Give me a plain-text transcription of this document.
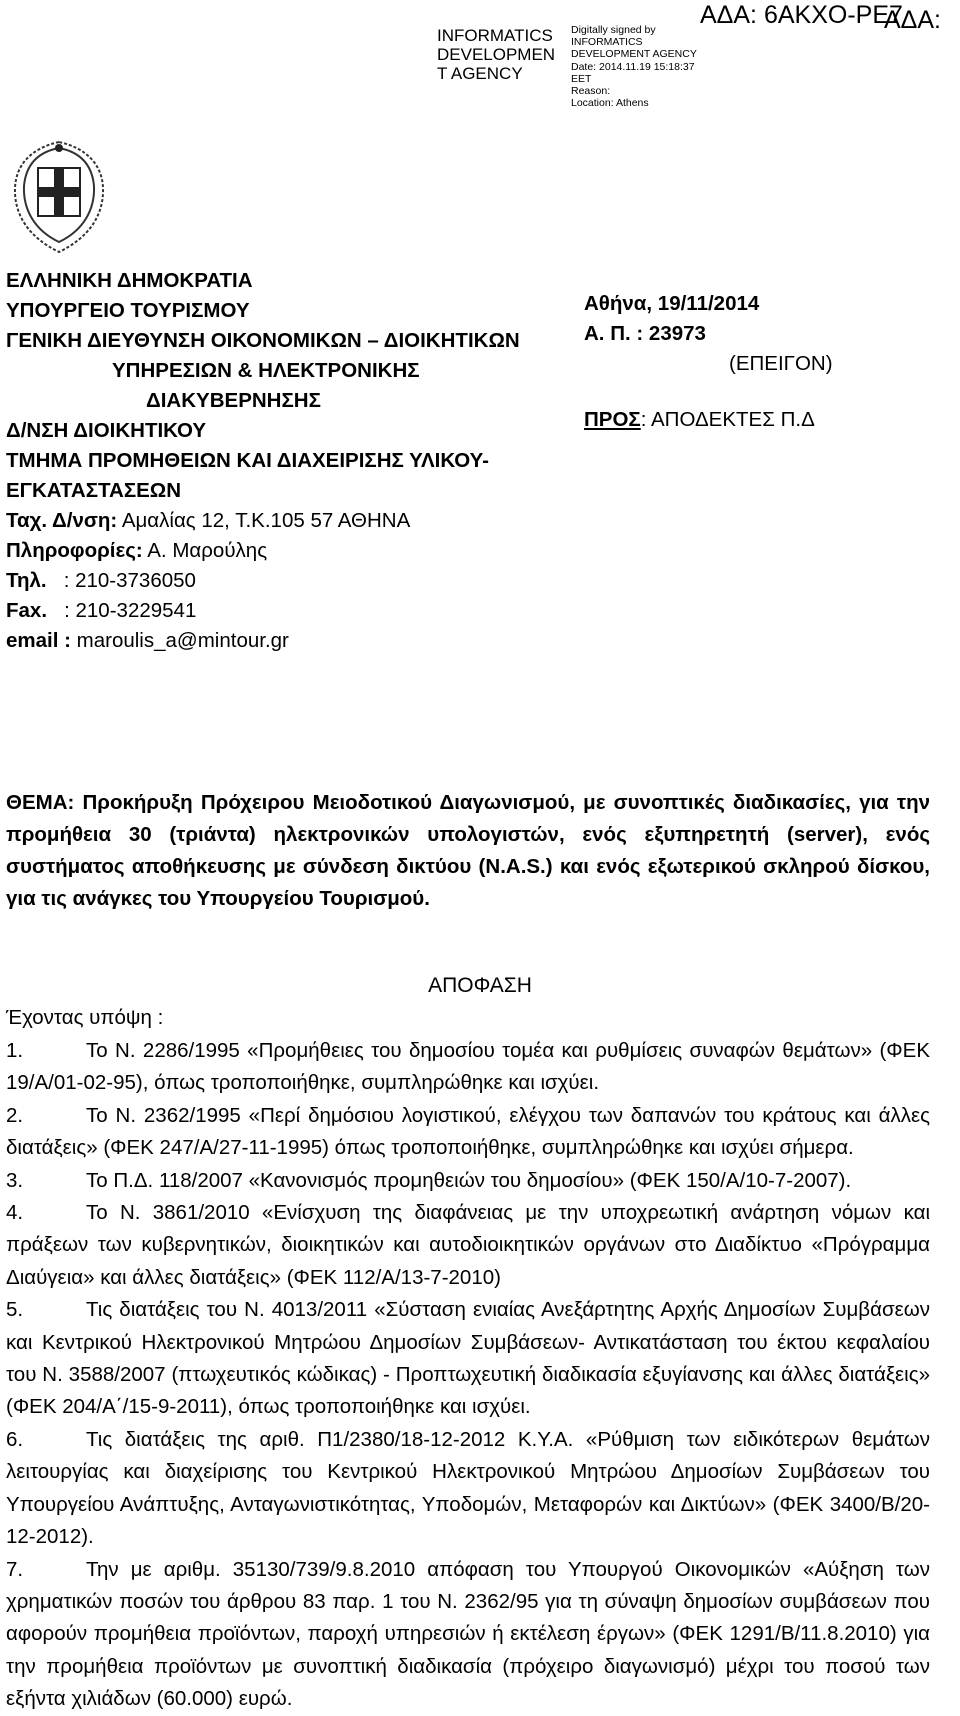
INFORMATICS DEVELOPMEN T AGENCY
Digitally signed by
INFORMATICS
DEVELOPMENT AGENCY
Date: 2014.11.19 15:18:37
EET
Reason:
Location: Athens
ΑΔΑ: 6ΑΚΧΟ-ΡΕ7
ΑΔΑ:
ΕΛΛΗΝΙΚΗ ΔΗΜΟΚΡΑΤΙΑ
ΥΠΟΥΡΓΕΙΟ ΤΟΥΡΙΣΜΟΥ
ΓΕΝΙΚΗ ΔΙΕΥΘΥΝΣΗ ΟΙΚΟΝΟΜΙΚΩΝ – ΔΙΟΙΚΗΤΙΚΩΝ
ΥΠΗΡΕΣΙΩΝ & ΗΛΕΚΤΡΟΝΙΚΗΣ
ΔΙΑΚΥΒΕΡΝΗΣΗΣ
Δ/ΝΣΗ ΔΙΟΙΚΗΤΙΚΟΥ
ΤΜΗΜΑ ΠΡΟΜΗΘΕΙΩΝ ΚΑΙ ΔΙΑΧΕΙΡΙΣΗΣ ΥΛΙΚΟΥ-
ΕΓΚΑΤΑΣΤΑΣΕΩΝ
Ταχ. Δ/νση: Αμαλίας 12, Τ.Κ.105 57 ΑΘΗΝΑ
Πληροφορίες: Α. Μαρούλης
Τηλ.   : 210-3736050
Fax.   : 210-3229541
email : maroulis_a@mintour.gr
Αθήνα, 19/11/2014
Α. Π. : 23973
(ΕΠΕΙΓΟΝ)
ΠΡΟΣ: ΑΠΟΔΕΚΤΕΣ Π.Δ
ΘΕΜΑ: Προκήρυξη Πρόχειρου Μειοδοτικού Διαγωνισμού, με συνοπτικές διαδικασίες, για την προμήθεια 30 (τριάντα) ηλεκτρονικών υπολογιστών, ενός εξυπηρετητή (server), ενός συστήματος αποθήκευσης με σύνδεση δικτύου (N.A.S.) και ενός εξωτερικού σκληρού δίσκου, για τις ανάγκες του Υπουργείου Τουρισμού.
ΑΠΟΦΑΣΗ
Έχοντας υπόψη :
1.	Το Ν. 2286/1995 «Προμήθειες του δημοσίου τομέα και ρυθμίσεις συναφών θεμάτων» (ΦΕΚ 19/Α/01-02-95), όπως τροποποιήθηκε, συμπληρώθηκε και ισχύει.
2.	Το Ν. 2362/1995 «Περί δημόσιου λογιστικού, ελέγχου των δαπανών του κράτους και άλλες διατάξεις» (ΦΕΚ 247/Α/27-11-1995) όπως τροποποιήθηκε, συμπληρώθηκε και ισχύει σήμερα.
3.	Το Π.Δ. 118/2007 «Κανονισμός προμηθειών του δημοσίου» (ΦΕΚ 150/Α/10-7-2007).
4.	Το Ν. 3861/2010 «Ενίσχυση της διαφάνειας με την υποχρεωτική ανάρτηση νόμων και πράξεων των κυβερνητικών, διοικητικών και αυτοδιοικητικών οργάνων στο Διαδίκτυο «Πρόγραμμα Διαύγεια» και άλλες διατάξεις» (ΦΕΚ 112/Α/13-7-2010)
5.	Τις διατάξεις του Ν. 4013/2011 «Σύσταση ενιαίας Ανεξάρτητης Αρχής Δημοσίων Συμβάσεων και Κεντρικού Ηλεκτρονικού Μητρώου Δημοσίων Συμβάσεων- Αντικατάσταση του έκτου κεφαλαίου του Ν. 3588/2007 (πτωχευτικός κώδικας) - Προπτωχευτική διαδικασία εξυγίανσης και άλλες διατάξεις» (ΦΕΚ 204/Α΄/15-9-2011), όπως τροποποιήθηκε και ισχύει.
6.	Τις διατάξεις της αριθ. Π1/2380/18-12-2012 Κ.Υ.Α. «Ρύθμιση των ειδικότερων θεμάτων λειτουργίας και διαχείρισης του Κεντρικού Ηλεκτρονικού Μητρώου Δημοσίων Συμβάσεων του Υπουργείου Ανάπτυξης, Ανταγωνιστικότητας, Υποδομών, Μεταφορών και Δικτύων» (ΦΕΚ 3400/Β/20-12-2012).
7.	Την με αριθμ. 35130/739/9.8.2010 απόφαση του Υπουργού Οικονομικών «Αύξηση των χρηματικών ποσών του άρθρου 83 παρ. 1 του Ν. 2362/95 για τη σύναψη δημοσίων συμβάσεων που αφορούν προμήθεια προϊόντων, παροχή υπηρεσιών ή εκτέλεση έργων» (ΦΕΚ 1291/Β/11.8.2010) για την προμήθεια προϊόντων με συνοπτική διαδικασία (πρόχειρο διαγωνισμό) μέχρι του ποσού των εξήντα χιλιάδων (60.000) ευρώ.
